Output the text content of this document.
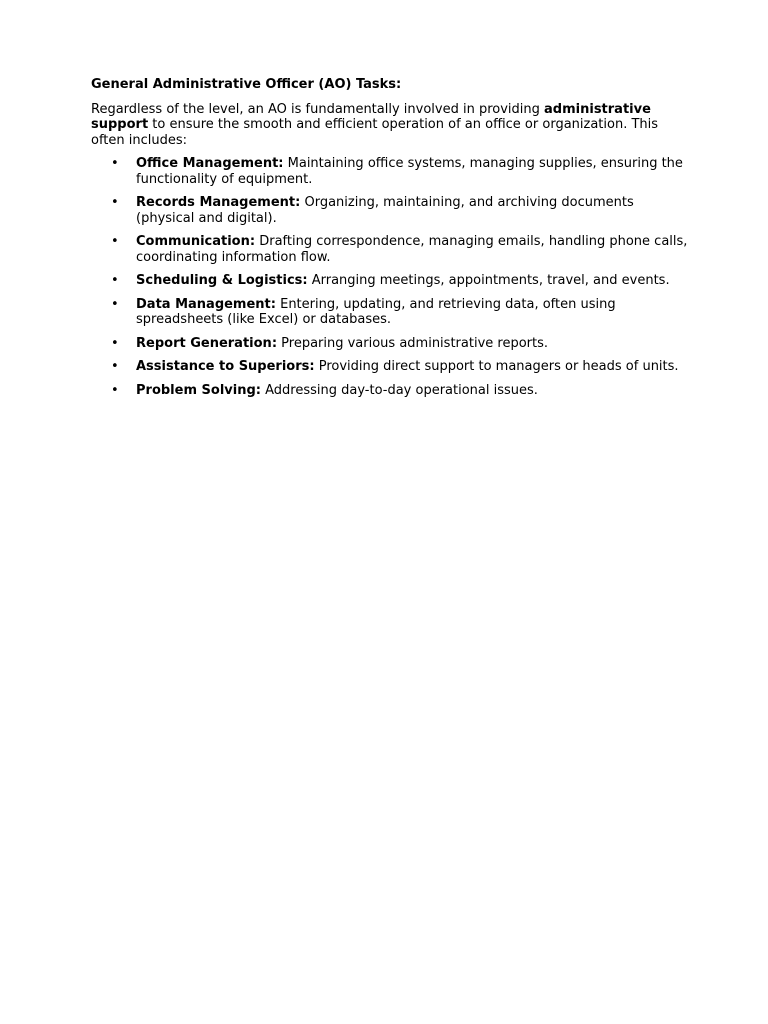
General Administrative Officer (AO) Tasks:

Regardless of the level, an AO is fundamentally involved in providing administrative support to ensure the smooth and efficient operation of an office or organization. This often includes:

• Office Management: Maintaining office systems, managing supplies, ensuring the functionality of equipment.
• Records Management: Organizing, maintaining, and archiving documents (physical and digital).
• Communication: Drafting correspondence, managing emails, handling phone calls, coordinating information flow.
• Scheduling & Logistics: Arranging meetings, appointments, travel, and events.
• Data Management: Entering, updating, and retrieving data, often using spreadsheets (like Excel) or databases.
• Report Generation: Preparing various administrative reports.
• Assistance to Superiors: Providing direct support to managers or heads of units.
• Problem Solving: Addressing day-to-day operational issues.
